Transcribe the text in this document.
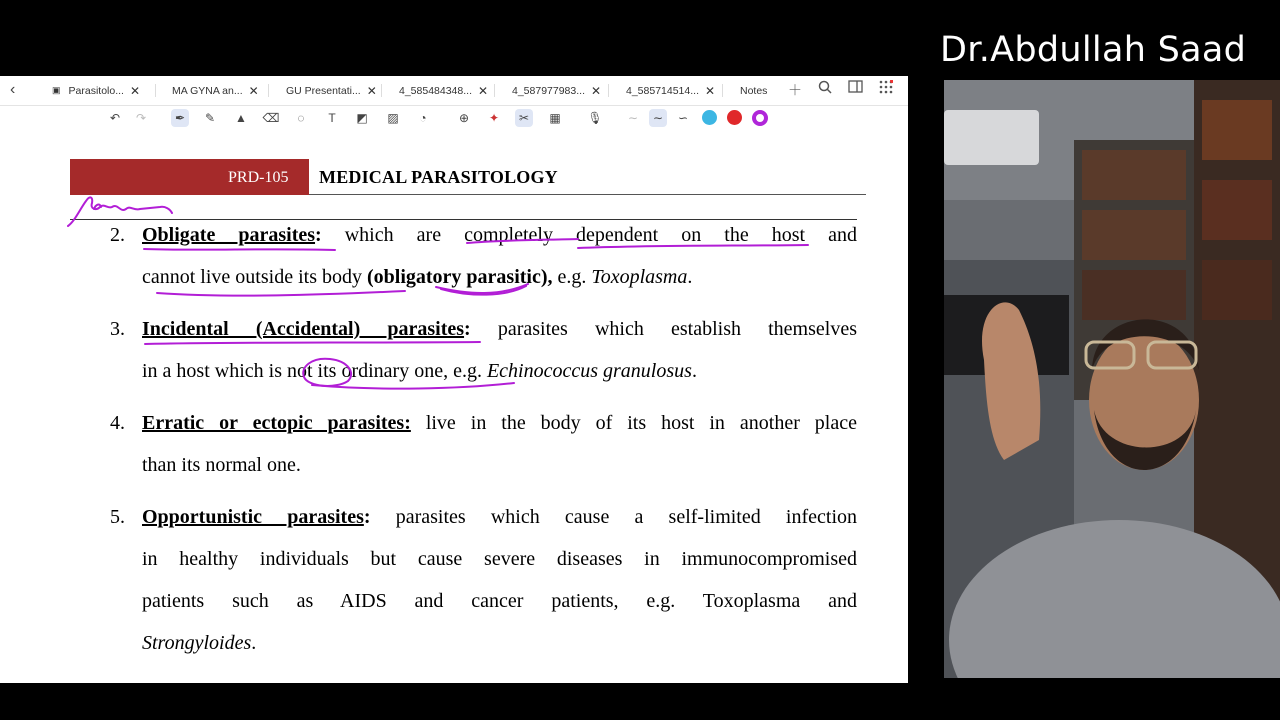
Dr.Abdullah Saad
‹	▣ Parasitolo... ✕	MA GYNA an... ✕	GU Presentati... ✕ 4_585484348... ✕ 4_587977983... ✕ 4_585714514... ✕ Notes ＋
↶	↷	✒	✎	▲ ⌫	◌	T	◩ ▨	◔	⊕	✦	✂	▦ 🎙	∼	∼	∽
PRD-105 MEDICAL PARASITOLOGY
2. Obligate parasites: which are completely dependent on the host and
cannot live outside its body (obligatory parasitic), e.g. Toxoplasma.
3. Incidental (Accidental) parasites: parasites which establish themselves
in a host which is not its ordinary one, e.g. Echinococcus granulosus.
4. Erratic or ectopic parasites: live in the body of its host in another place
than its normal one.
5. Opportunistic parasites: parasites which cause a self-limited infection
in healthy individuals but cause severe diseases in immunocompromised
patients such as AIDS and cancer patients, e.g. Toxoplasma and
Strongyloides.
